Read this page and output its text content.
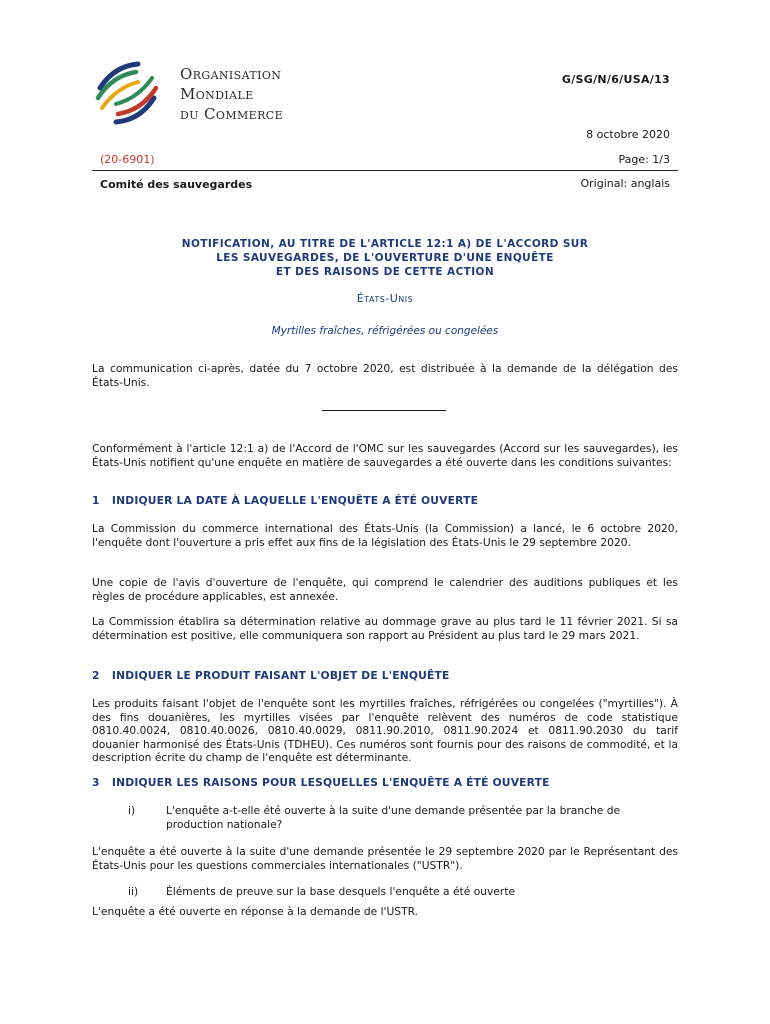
Organisation
Mondiale
du Commerce
G/SG/N/6/USA/13
8 octobre 2020
(20-6901)	Page: 1/3
Comité des sauvegardes	Original: anglais
NOTIFICATION, AU TITRE DE L'ARTICLE 12:1 A) DE L'ACCORD SUR
LES SAUVEGARDES, DE L'OUVERTURE D'UNE ENQUÊTE
ET DES RAISONS DE CETTE ACTION
États-Unis
Myrtilles fraîches, réfrigérées ou congelées
La communication ci-après, datée du 7 octobre 2020, est distribuée à la demande de la délégation des États-Unis.
Conformément à l'article 12:1 a) de l'Accord de l'OMC sur les sauvegardes (Accord sur les sauvegardes), les États-Unis notifient qu'une enquête en matière de sauvegardes a été ouverte dans les conditions suivantes:
1 INDIQUER LA DATE À LAQUELLE L'ENQUÊTE A ÉTÉ OUVERTE
La Commission du commerce international des États-Unis (la Commission) a lancé, le 6 octobre 2020, l'enquête dont l'ouverture a pris effet aux fins de la législation des États-Unis le 29 septembre 2020.
Une copie de l'avis d'ouverture de l'enquête, qui comprend le calendrier des auditions publiques et les règles de procédure applicables, est annexée.
La Commission établira sa détermination relative au dommage grave au plus tard le 11 février 2021. Si sa détermination est positive, elle communiquera son rapport au Président au plus tard le 29 mars 2021.
2 INDIQUER LE PRODUIT FAISANT L'OBJET DE L'ENQUÊTE
Les produits faisant l'objet de l'enquête sont les myrtilles fraîches, réfrigérées ou congelées ("myrtilles"). À des fins douanières, les myrtilles visées par l'enquête relèvent des numéros de code statistique 0810.40.0024, 0810.40.0026, 0810.40.0029, 0811.90.2010, 0811.90.2024 et 0811.90.2030 du tarif douanier harmonisé des États-Unis (TDHEU). Ces numéros sont fournis pour des raisons de commodité, et la description écrite du champ de l'enquête est déterminante.
3 INDIQUER LES RAISONS POUR LESQUELLES L'ENQUÊTE A ÉTÉ OUVERTE
i)	L'enquête a-t-elle été ouverte à la suite d'une demande présentée par la branche de production nationale?
L'enquête a été ouverte à la suite d'une demande présentée le 29 septembre 2020 par le Représentant des États-Unis pour les questions commerciales internationales ("USTR").
ii)	Éléments de preuve sur la base desquels l'enquête a été ouverte
L'enquête a été ouverte en réponse à la demande de l'USTR.
